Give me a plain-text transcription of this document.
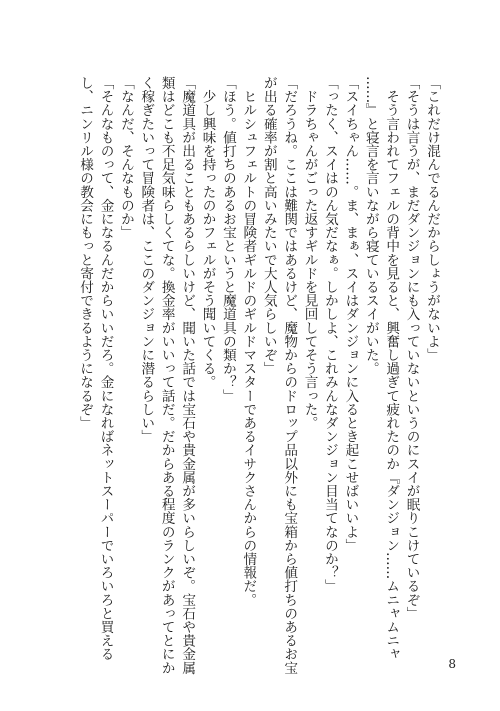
「これだけ混んでるんだからしょうがないよ」
「そうは言うが、まだダンジョンにも入っていないというのにスイが眠りこけているぞ」
　そう言われてフェルの背中を見ると、興奮し過ぎて疲れたのか『ダンジョン……ムニャムニャ
……』と寝言を言いながら寝ているスイがいた。
「スイちゃん……。ま、まぁ、スイはダンジョンに入るとき起こせばいいよ」
「ったく、スイはのん気だなぁ。しかしよ、これみんなダンジョン目当てなのか？」
　ドラちゃんがごった返すギルドを見回してそう言った。
「だろうね。ここは難関ではあるけど、魔物からのドロップ品以外にも宝箱から値打ちのあるお宝
が出る確率が割と高いみたいで大人気らしいぞ」
　ヒルシュフェルトの冒険者ギルドのギルドマスターであるイサクさんからの情報だ。
「ほう。値打ちのあるお宝というと魔道具の類か？」
　少し興味を持ったのかフェルがそう聞いてくる。
「魔道具が出ることもあるらしいけど、聞いた話では宝石や貴金属が多いらしいぞ。宝石や貴金属
類はどこも不足気味らしくてな。換金率がいいって話だ。だからある程度のランクがあってとにか
く稼ぎたいって冒険者は、ここのダンジョンに潜るらしい」
「なんだ、そんなものか」
「そんなものって、金になるんだからいいだろ。金になればネットスーパーでいろいろと買える
し、ニンリル様の教会にもっと寄付できるようになるぞ」
8
